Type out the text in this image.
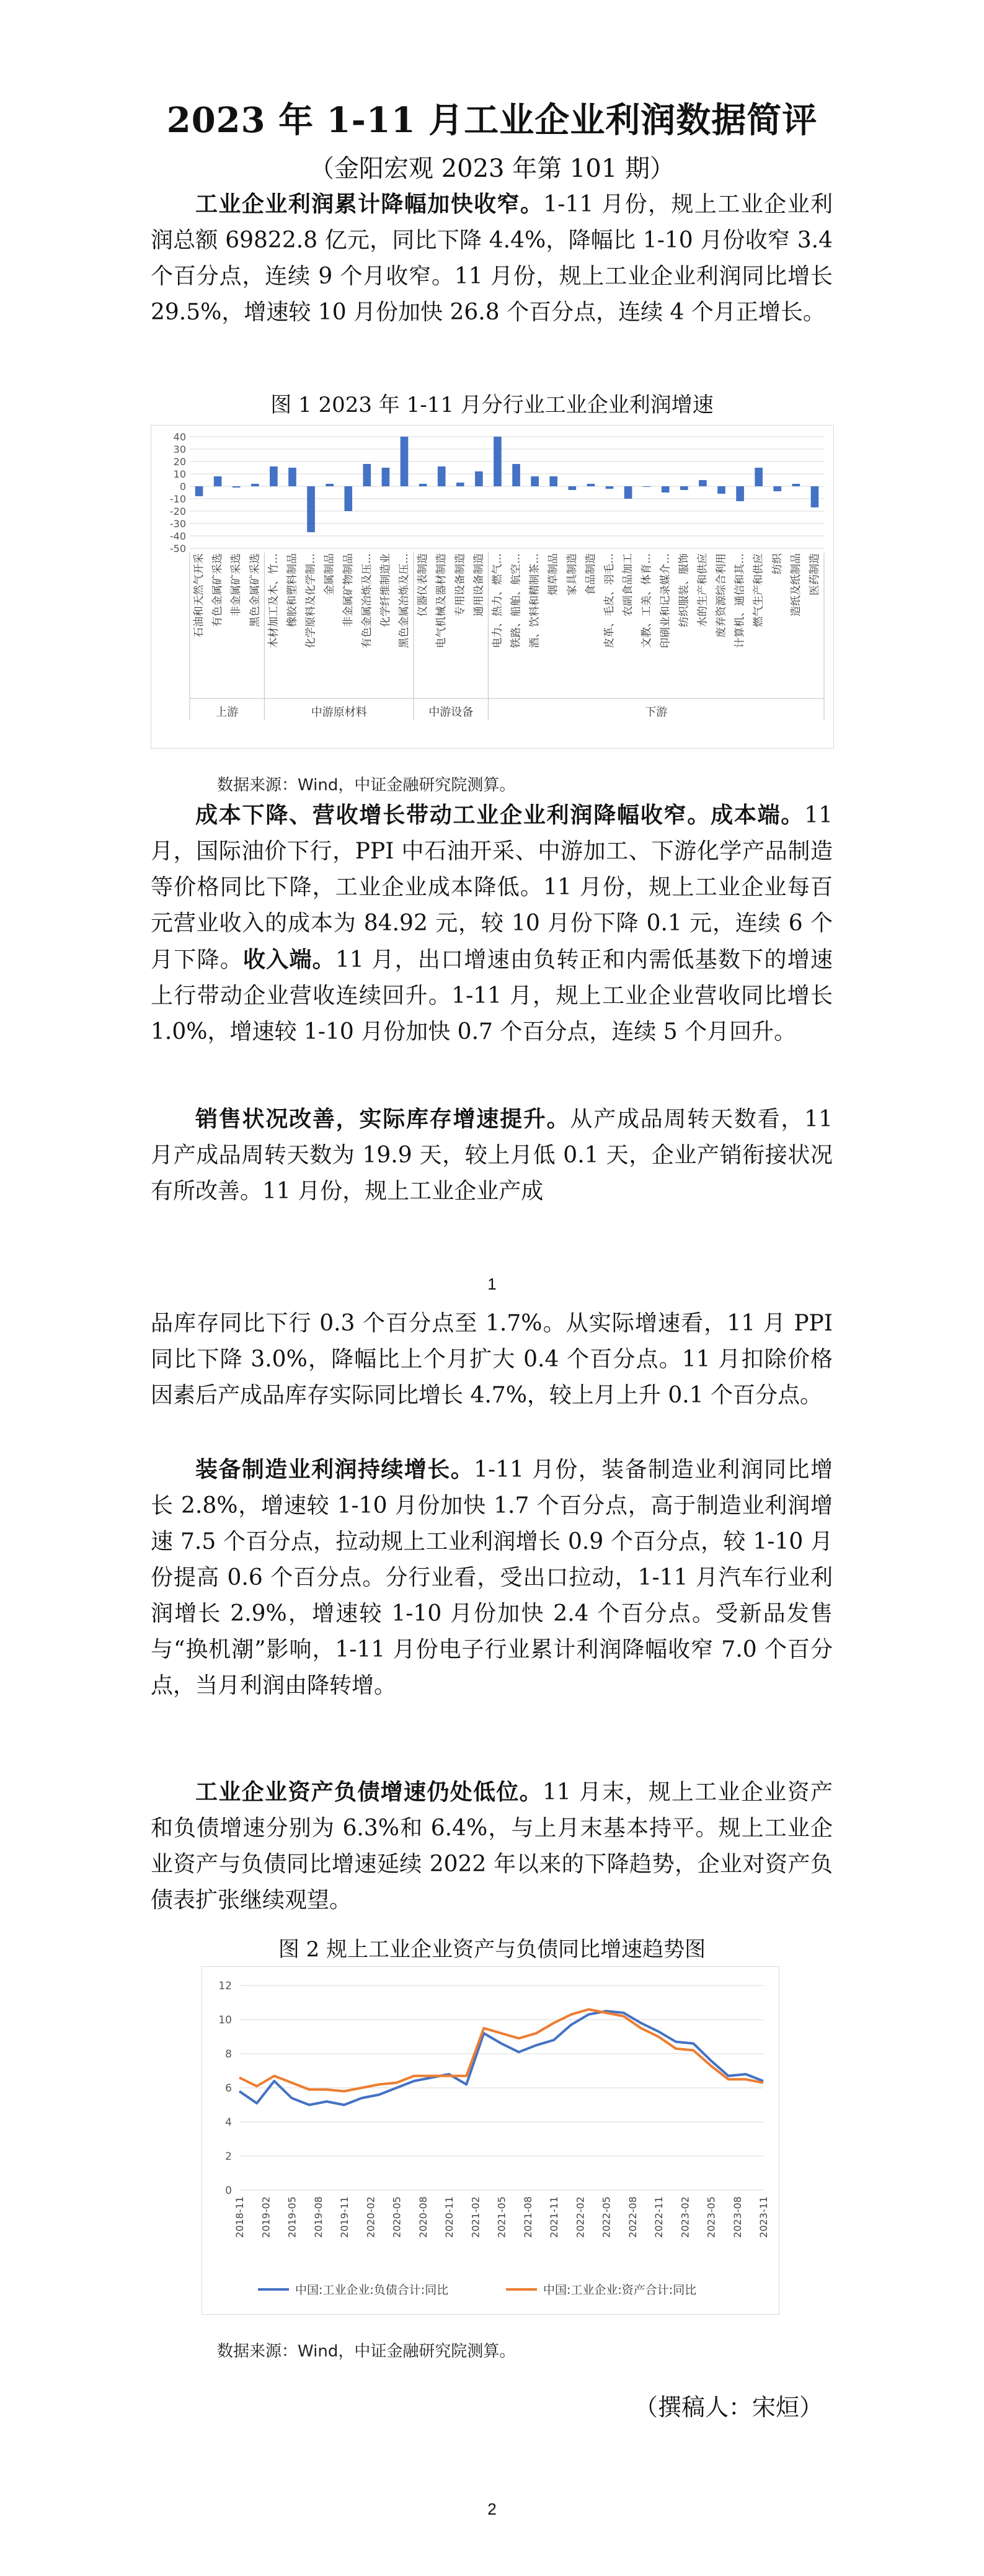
2023 年 1-11 月工业企业利润数据简评
（金阳宏观 2023 年第 101 期）

工业企业利润累计降幅加快收窄。1-11 月份，规上工业企业利润总额 69822.8 亿元，同比下降 4.4%，降幅比 1-10 月份收窄 3.4 个百分点，连续 9 个月收窄。11 月份，规上工业企业利润同比增长 29.5%，增速较 10 月份加快 26.8 个百分点，连续 4 个月正增长。

图 1 2023 年 1-11 月分行业工业企业利润增速
40
30
20
10
0
-10
-20
-30
-40
-50
石油和天然气开采 有色金属矿采选 非金属矿采选 黑色金属矿采选 木材加工及木、竹… 橡胶和塑料制品 化学原料及化学制… 金属制品 非金属矿物制品 有色金属冶炼及压… 化学纤维制造业 黑色金属冶炼及压… 仪器仪表制造 电气机械及器材制造 专用设备制造 通用设备制造 电力、热力、燃气… 铁路、船舶、航空… 酒、饮料和精制茶… 烟草制品 家具制造 食品制造 皮革、毛皮、羽毛… 农副食品加工 文教、工美、体育… 印刷业和记录媒介… 纺织服装、服饰 水的生产和供应 废弃资源综合利用 计算机、通信和其… 燃气生产和供应 纺织 造纸及纸制品 医药制造
上游	中游原材料	中游设备	下游
数据来源：Wind，中证金融研究院测算。

成本下降、营收增长带动工业企业利润降幅收窄。成本端。11 月，国际油价下行，PPI 中石油开采、中游加工、下游化学产品制造等价格同比下降，工业企业成本降低。11 月份，规上工业企业每百元营业收入的成本为 84.92 元，较 10 月份下降 0.1 元，连续 6 个月下降。收入端。11 月，出口增速由负转正和内需低基数下的增速上行带动企业营收连续回升。1-11 月，规上工业企业营收同比增长 1.0%，增速较 1-10 月份加快 0.7 个百分点，连续 5 个月回升。

销售状况改善，实际库存增速提升。从产成品周转天数看，11 月产成品周转天数为 19.9 天，较上月低 0.1 天，企业产销衔接状况有所改善。11 月份，规上工业企业产成

1

品库存同比下行 0.3 个百分点至 1.7%。从实际增速看，11 月 PPI 同比下降 3.0%，降幅比上个月扩大 0.4 个百分点。11 月扣除价格因素后产成品库存实际同比增长 4.7%，较上月上升 0.1 个百分点。

装备制造业利润持续增长。1-11 月份，装备制造业利润同比增长 2.8%，增速较 1-10 月份加快 1.7 个百分点，高于制造业利润增速 7.5 个百分点，拉动规上工业利润增长 0.9 个百分点，较 1-10 月份提高 0.6 个百分点。分行业看，受出口拉动，1-11 月汽车行业利润增长 2.9%，增速较 1-10 月份加快 2.4 个百分点。受新品发售与“换机潮”影响，1-11 月份电子行业累计利润降幅收窄 7.0 个百分点，当月利润由降转增。

工业企业资产负债增速仍处低位。11 月末，规上工业企业资产和负债增速分别为 6.3%和 6.4%，与上月末基本持平。规上工业企业资产与负债同比增速延续 2022 年以来的下降趋势，企业对资产负债表扩张继续观望。

图 2 规上工业企业资产与负债同比增速趋势图
0
2
4
6
8
10
12
2018-11 2019-02 2019-05 2019-08 2019-11 2020-02 2020-05 2020-08 2020-11 2021-02 2021-05 2021-08 2021-11 2022-02 2022-05 2022-08 2022-11 2023-02 2023-05 2023-08 2023-11
中国:工业企业:负债合计:同比	中国:工业企业:资产合计:同比
数据来源：Wind，中证金融研究院测算。
（撰稿人：宋烜）
2
